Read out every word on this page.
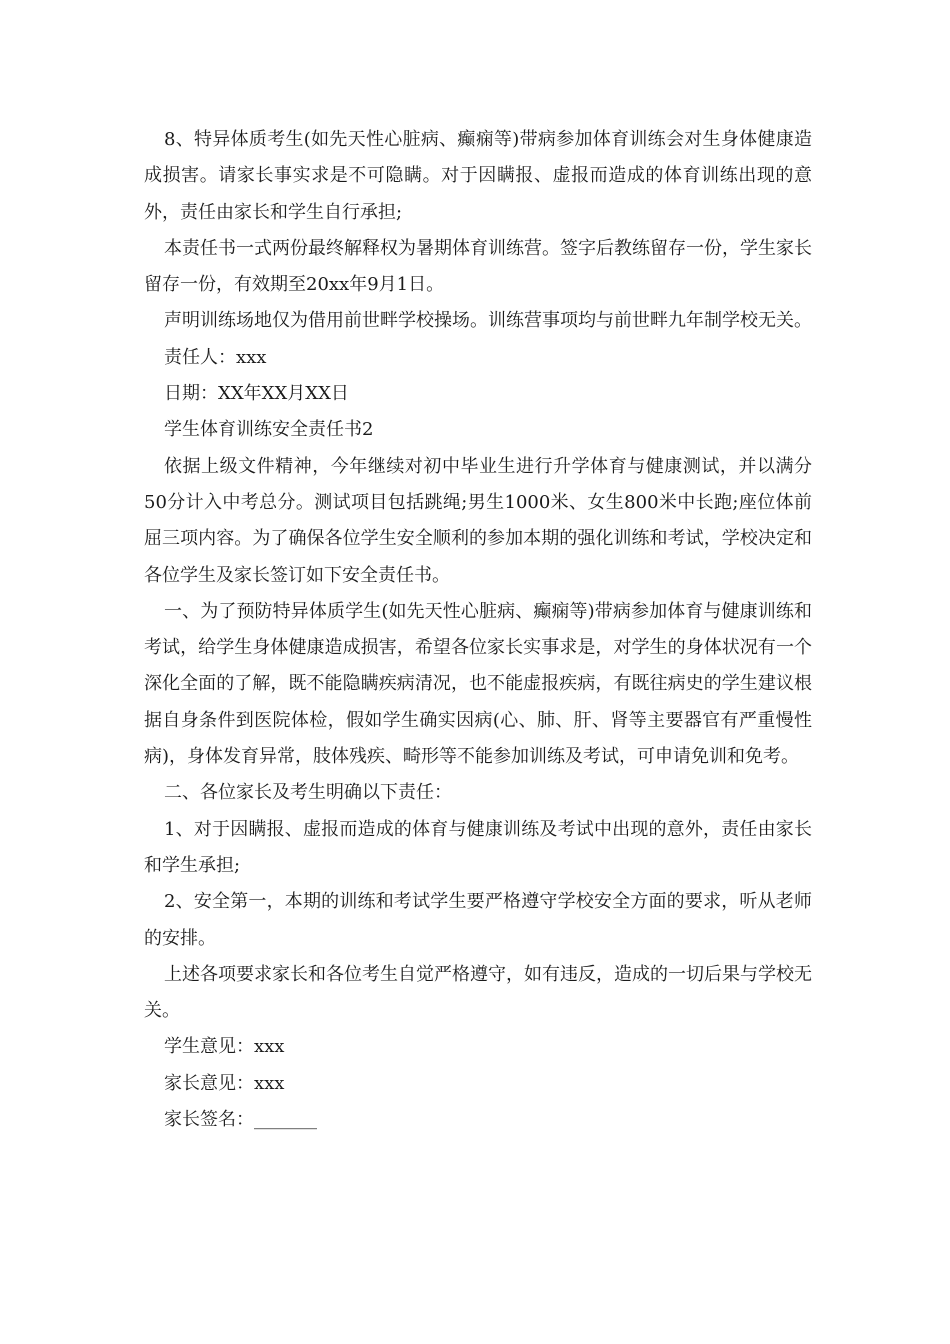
8、特异体质考生(如先天性心脏病、癫痫等)带病参加体育训练会对生身体健康造成损害。请家长事实求是不可隐瞒。对于因瞒报、虚报而造成的体育训练出现的意外，责任由家长和学生自行承担;

本责任书一式两份最终解释权为暑期体育训练营。签字后教练留存一份，学生家长留存一份，有效期至20xx年9月1日。

声明训练场地仅为借用前世畔学校操场。训练营事项均与前世畔九年制学校无关。

责任人：xxx

日期：XX年XX月XX日

学生体育训练安全责任书2

依据上级文件精神，今年继续对初中毕业生进行升学体育与健康测试，并以满分50分计入中考总分。测试项目包括跳绳;男生1000米、女生800米中长跑;座位体前屈三项内容。为了确保各位学生安全顺利的参加本期的强化训练和考试，学校决定和各位学生及家长签订如下安全责任书。

一、为了预防特异体质学生(如先天性心脏病、癫痫等)带病参加体育与健康训练和考试，给学生身体健康造成损害，希望各位家长实事求是，对学生的身体状况有一个深化全面的了解，既不能隐瞒疾病清况，也不能虚报疾病，有既往病史的学生建议根据自身条件到医院体检，假如学生确实因病(心、肺、肝、肾等主要器官有严重慢性病)，身体发育异常，肢体残疾、畸形等不能参加训练及考试，可申请免训和免考。

二、各位家长及考生明确以下责任：

1、对于因瞒报、虚报而造成的体育与健康训练及考试中出现的意外，责任由家长和学生承担;

2、安全第一，本期的训练和考试学生要严格遵守学校安全方面的要求，听从老师的安排。

上述各项要求家长和各位考生自觉严格遵守，如有违反，造成的一切后果与学校无关。

学生意见：xxx

家长意见：xxx

家长签名：_______
